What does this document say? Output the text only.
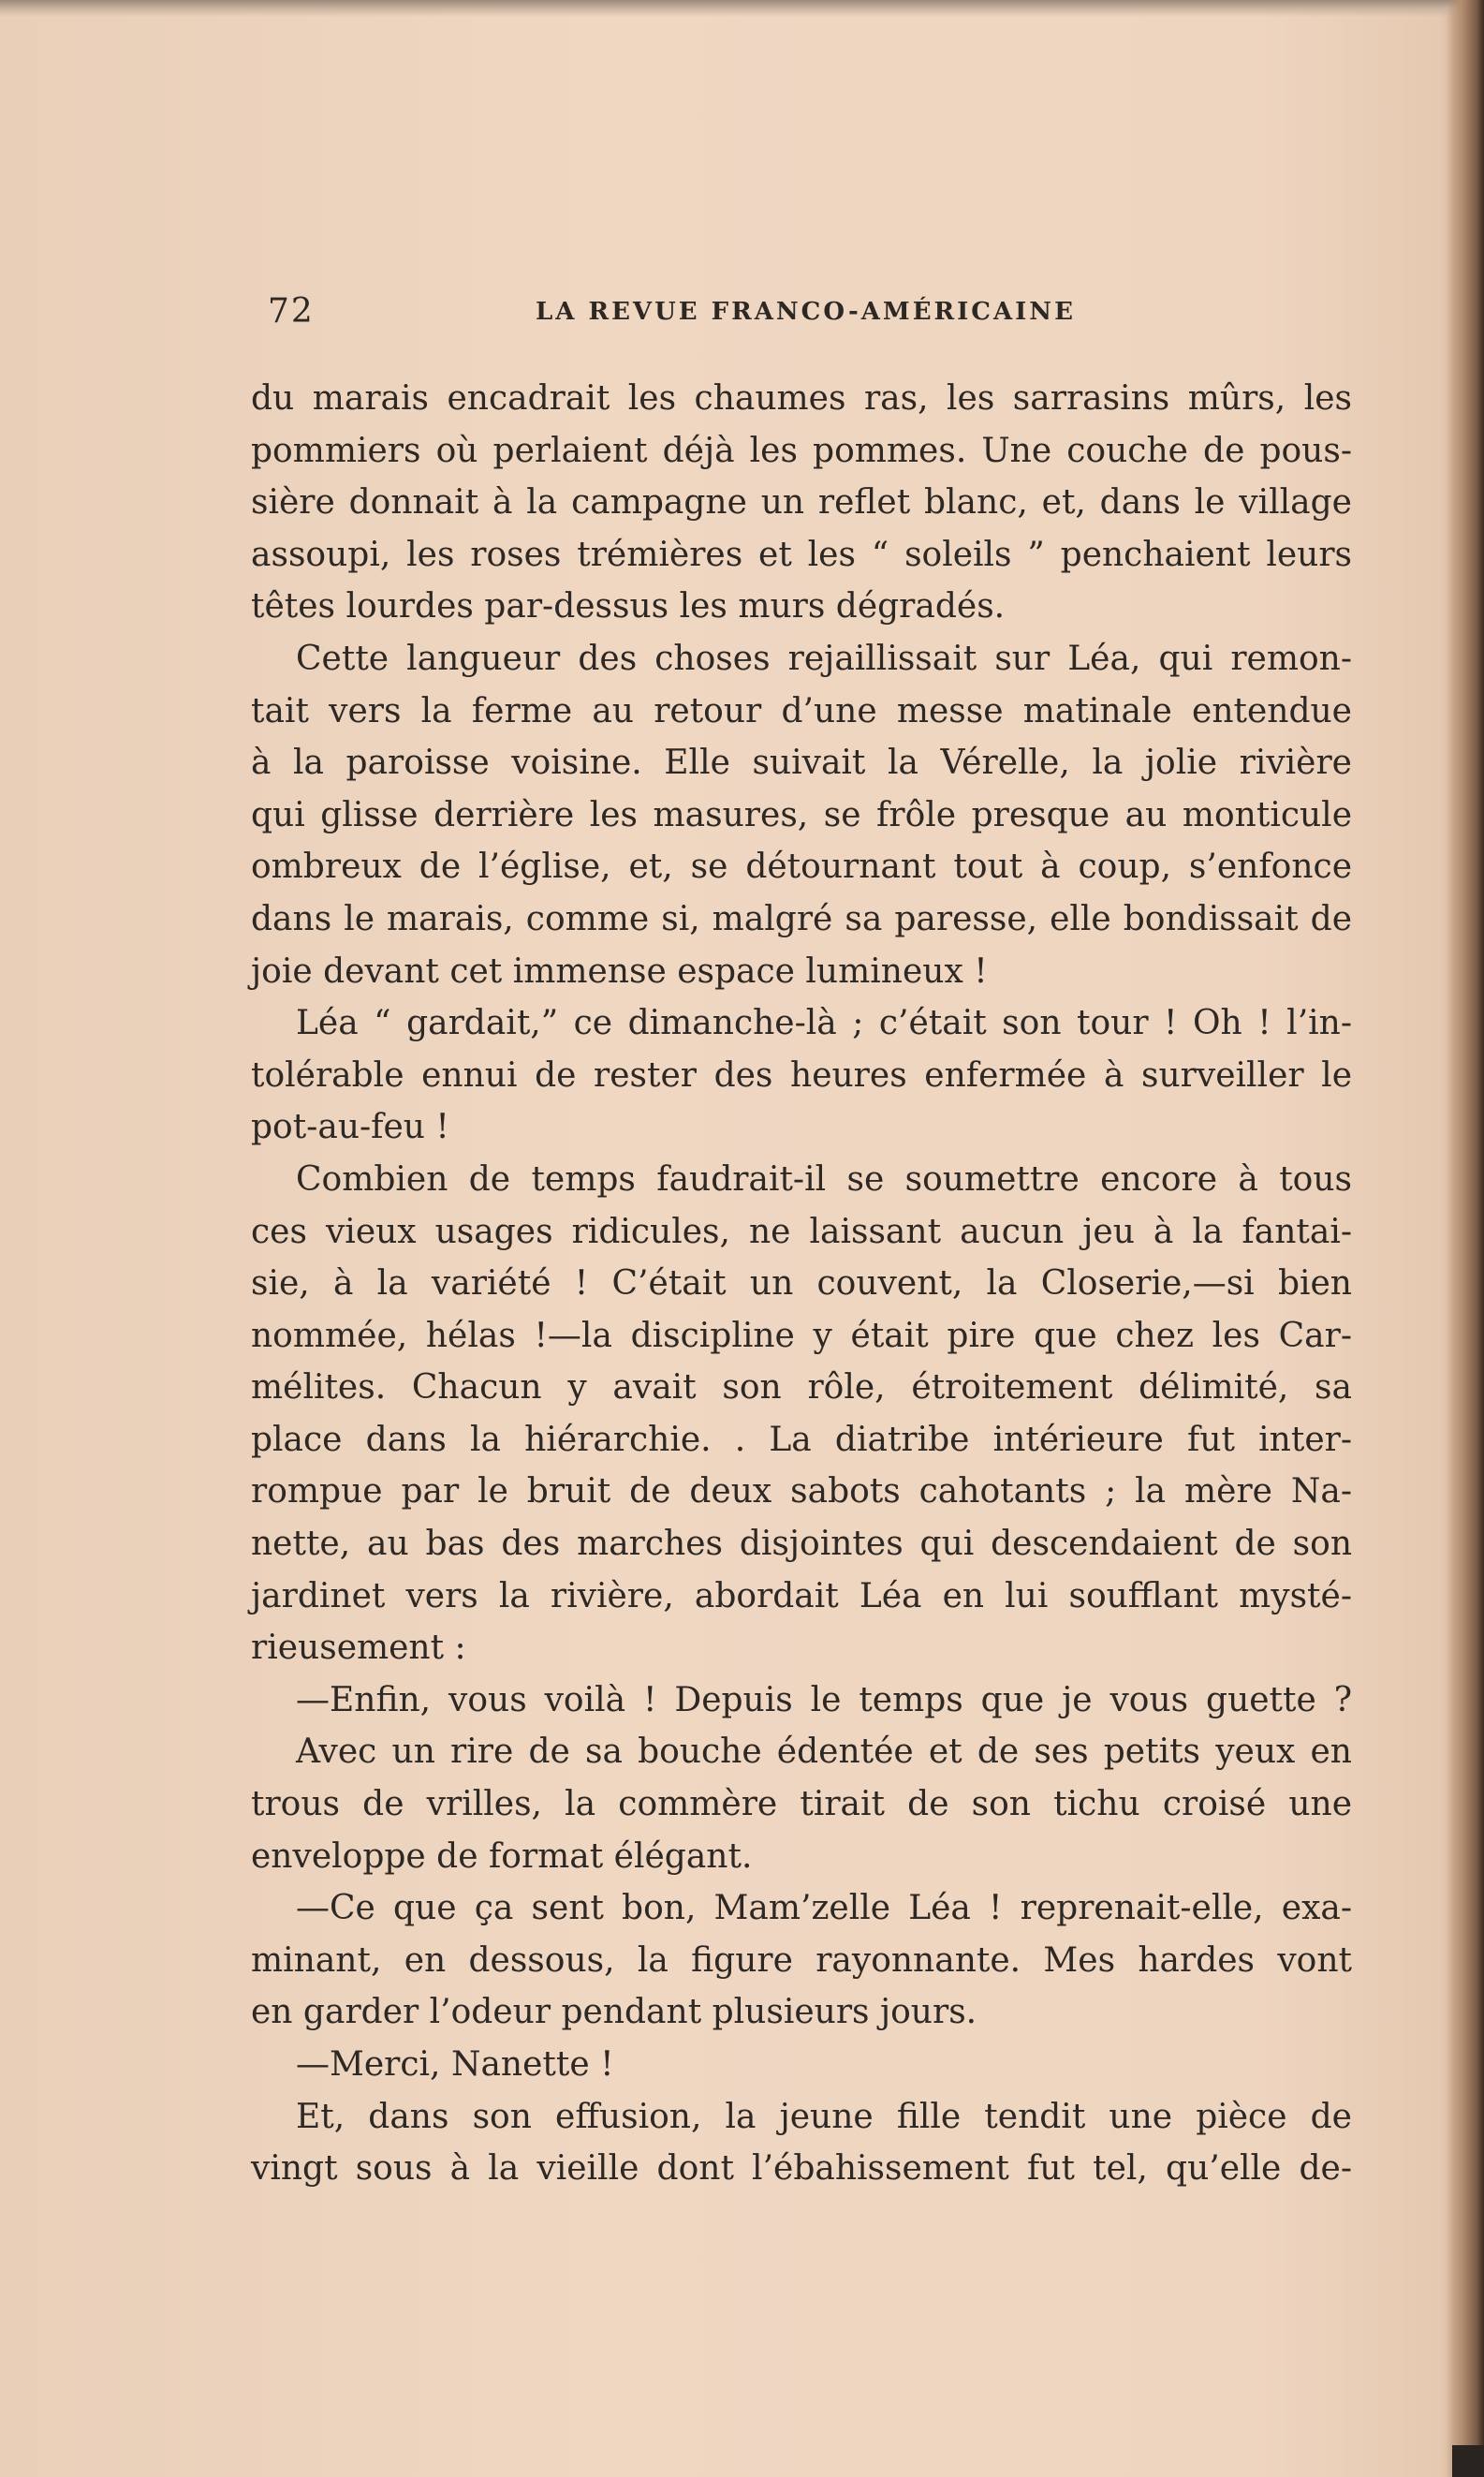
72	LA REVUE FRANCO-AMÉRICAINE
du marais encadrait les chaumes ras, les sarrasins mûrs, les
pommiers où perlaient déjà les pommes. Une couche de pous-
sière donnait à la campagne un reflet blanc, et, dans le village
assoupi, les roses trémières et les “ soleils ” penchaient leurs
têtes lourdes par-dessus les murs dégradés.
Cette langueur des choses rejaillissait sur Léa, qui remon-
tait vers la ferme au retour d’une messe matinale entendue
à la paroisse voisine. Elle suivait la Vérelle, la jolie rivière
qui glisse derrière les masures, se frôle presque au monticule
ombreux de l’église, et, se détournant tout à coup, s’enfonce
dans le marais, comme si, malgré sa paresse, elle bondissait de
joie devant cet immense espace lumineux !
Léa “ gardait,” ce dimanche-là ; c’était son tour ! Oh ! l’in-
tolérable ennui de rester des heures enfermée à surveiller le
pot-au-feu !
Combien de temps faudrait-il se soumettre encore à tous
ces vieux usages ridicules, ne laissant aucun jeu à la fantai-
sie, à la variété ! C’était un couvent, la Closerie,—si bien
nommée, hélas !—la discipline y était pire que chez les Car-
mélites. Chacun y avait son rôle, étroitement délimité, sa
place dans la hiérarchie. . La diatribe intérieure fut inter-
rompue par le bruit de deux sabots cahotants ; la mère Na-
nette, au bas des marches disjointes qui descendaient de son
jardinet vers la rivière, abordait Léa en lui soufflant mysté-
rieusement :
—Enfin, vous voilà ! Depuis le temps que je vous guette ?
Avec un rire de sa bouche édentée et de ses petits yeux en
trous de vrilles, la commère tirait de son tichu croisé une
enveloppe de format élégant.
—Ce que ça sent bon, Mam’zelle Léa ! reprenait-elle, exa-
minant, en dessous, la figure rayonnante. Mes hardes vont
en garder l’odeur pendant plusieurs jours.
—Merci, Nanette !
Et, dans son effusion, la jeune fille tendit une pièce de
vingt sous à la vieille dont l’ébahissement fut tel, qu’elle de-
